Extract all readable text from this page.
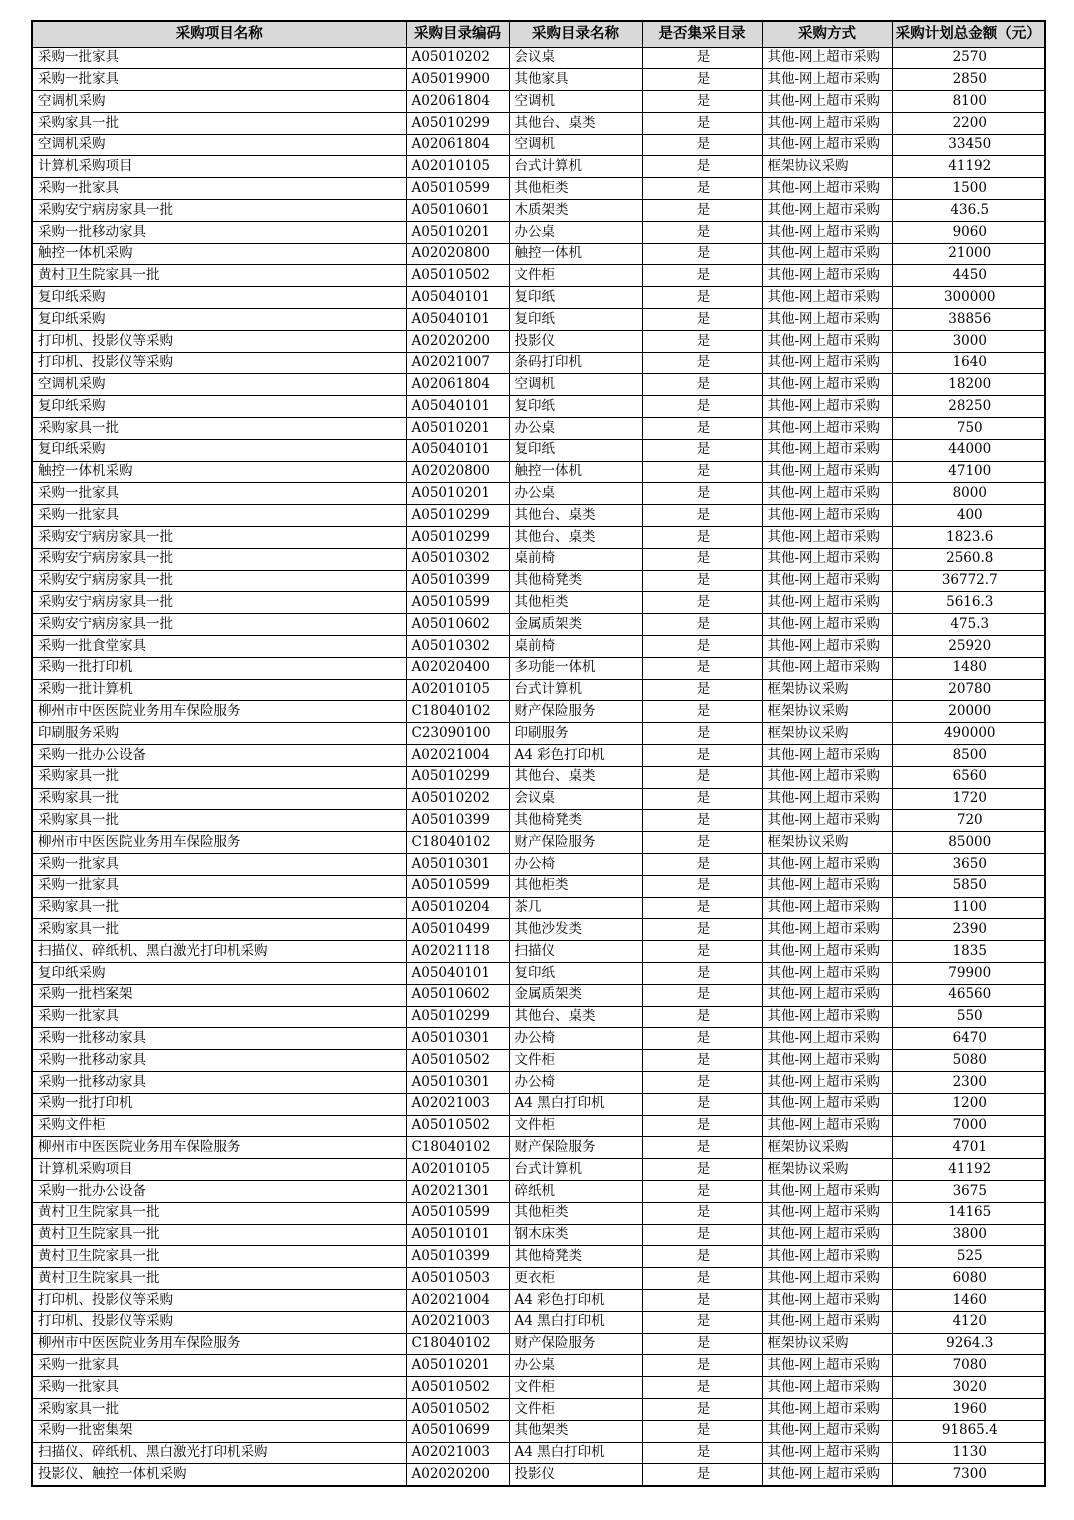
采购项目名称	采购目录编码	采购目录名称	是否集采目录	采购方式	采购计划总金额（元）
采购一批家具	A05010202	会议桌	是	其他-网上超市采购	2570
采购一批家具	A05019900	其他家具	是	其他-网上超市采购	2850
空调机采购	A02061804	空调机	是	其他-网上超市采购	8100
采购家具一批	A05010299	其他台、桌类	是	其他-网上超市采购	2200
空调机采购	A02061804	空调机	是	其他-网上超市采购	33450
计算机采购项目	A02010105	台式计算机	是	框架协议采购	41192
采购一批家具	A05010599	其他柜类	是	其他-网上超市采购	1500
采购安宁病房家具一批	A05010601	木质架类	是	其他-网上超市采购	436.5
采购一批移动家具	A05010201	办公桌	是	其他-网上超市采购	9060
触控一体机采购	A02020800	触控一体机	是	其他-网上超市采购	21000
黄村卫生院家具一批	A05010502	文件柜	是	其他-网上超市采购	4450
复印纸采购	A05040101	复印纸	是	其他-网上超市采购	300000
复印纸采购	A05040101	复印纸	是	其他-网上超市采购	38856
打印机、投影仪等采购	A02020200	投影仪	是	其他-网上超市采购	3000
打印机、投影仪等采购	A02021007	条码打印机	是	其他-网上超市采购	1640
空调机采购	A02061804	空调机	是	其他-网上超市采购	18200
复印纸采购	A05040101	复印纸	是	其他-网上超市采购	28250
采购家具一批	A05010201	办公桌	是	其他-网上超市采购	750
复印纸采购	A05040101	复印纸	是	其他-网上超市采购	44000
触控一体机采购	A02020800	触控一体机	是	其他-网上超市采购	47100
采购一批家具	A05010201	办公桌	是	其他-网上超市采购	8000
采购一批家具	A05010299	其他台、桌类	是	其他-网上超市采购	400
采购安宁病房家具一批	A05010299	其他台、桌类	是	其他-网上超市采购	1823.6
采购安宁病房家具一批	A05010302	桌前椅	是	其他-网上超市采购	2560.8
采购安宁病房家具一批	A05010399	其他椅凳类	是	其他-网上超市采购	36772.7
采购安宁病房家具一批	A05010599	其他柜类	是	其他-网上超市采购	5616.3
采购安宁病房家具一批	A05010602	金属质架类	是	其他-网上超市采购	475.3
采购一批食堂家具	A05010302	桌前椅	是	其他-网上超市采购	25920
采购一批打印机	A02020400	多功能一体机	是	其他-网上超市采购	1480
采购一批计算机	A02010105	台式计算机	是	框架协议采购	20780
柳州市中医医院业务用车保险服务	C18040102	财产保险服务	是	框架协议采购	20000
印刷服务采购	C23090100	印刷服务	是	框架协议采购	490000
采购一批办公设备	A02021004	A4 彩色打印机	是	其他-网上超市采购	8500
采购家具一批	A05010299	其他台、桌类	是	其他-网上超市采购	6560
采购家具一批	A05010202	会议桌	是	其他-网上超市采购	1720
采购家具一批	A05010399	其他椅凳类	是	其他-网上超市采购	720
柳州市中医医院业务用车保险服务	C18040102	财产保险服务	是	框架协议采购	85000
采购一批家具	A05010301	办公椅	是	其他-网上超市采购	3650
采购一批家具	A05010599	其他柜类	是	其他-网上超市采购	5850
采购家具一批	A05010204	茶几	是	其他-网上超市采购	1100
采购家具一批	A05010499	其他沙发类	是	其他-网上超市采购	2390
扫描仪、碎纸机、黑白激光打印机采购	A02021118	扫描仪	是	其他-网上超市采购	1835
复印纸采购	A05040101	复印纸	是	其他-网上超市采购	79900
采购一批档案架	A05010602	金属质架类	是	其他-网上超市采购	46560
采购一批家具	A05010299	其他台、桌类	是	其他-网上超市采购	550
采购一批移动家具	A05010301	办公椅	是	其他-网上超市采购	6470
采购一批移动家具	A05010502	文件柜	是	其他-网上超市采购	5080
采购一批移动家具	A05010301	办公椅	是	其他-网上超市采购	2300
采购一批打印机	A02021003	A4 黑白打印机	是	其他-网上超市采购	1200
采购文件柜	A05010502	文件柜	是	其他-网上超市采购	7000
柳州市中医医院业务用车保险服务	C18040102	财产保险服务	是	框架协议采购	4701
计算机采购项目	A02010105	台式计算机	是	框架协议采购	41192
采购一批办公设备	A02021301	碎纸机	是	其他-网上超市采购	3675
黄村卫生院家具一批	A05010599	其他柜类	是	其他-网上超市采购	14165
黄村卫生院家具一批	A05010101	钢木床类	是	其他-网上超市采购	3800
黄村卫生院家具一批	A05010399	其他椅凳类	是	其他-网上超市采购	525
黄村卫生院家具一批	A05010503	更衣柜	是	其他-网上超市采购	6080
打印机、投影仪等采购	A02021004	A4 彩色打印机	是	其他-网上超市采购	1460
打印机、投影仪等采购	A02021003	A4 黑白打印机	是	其他-网上超市采购	4120
柳州市中医医院业务用车保险服务	C18040102	财产保险服务	是	框架协议采购	9264.3
采购一批家具	A05010201	办公桌	是	其他-网上超市采购	7080
采购一批家具	A05010502	文件柜	是	其他-网上超市采购	3020
采购家具一批	A05010502	文件柜	是	其他-网上超市采购	1960
采购一批密集架	A05010699	其他架类	是	其他-网上超市采购	91865.4
扫描仪、碎纸机、黑白激光打印机采购	A02021003	A4 黑白打印机	是	其他-网上超市采购	1130
投影仪、触控一体机采购	A02020200	投影仪	是	其他-网上超市采购	7300
